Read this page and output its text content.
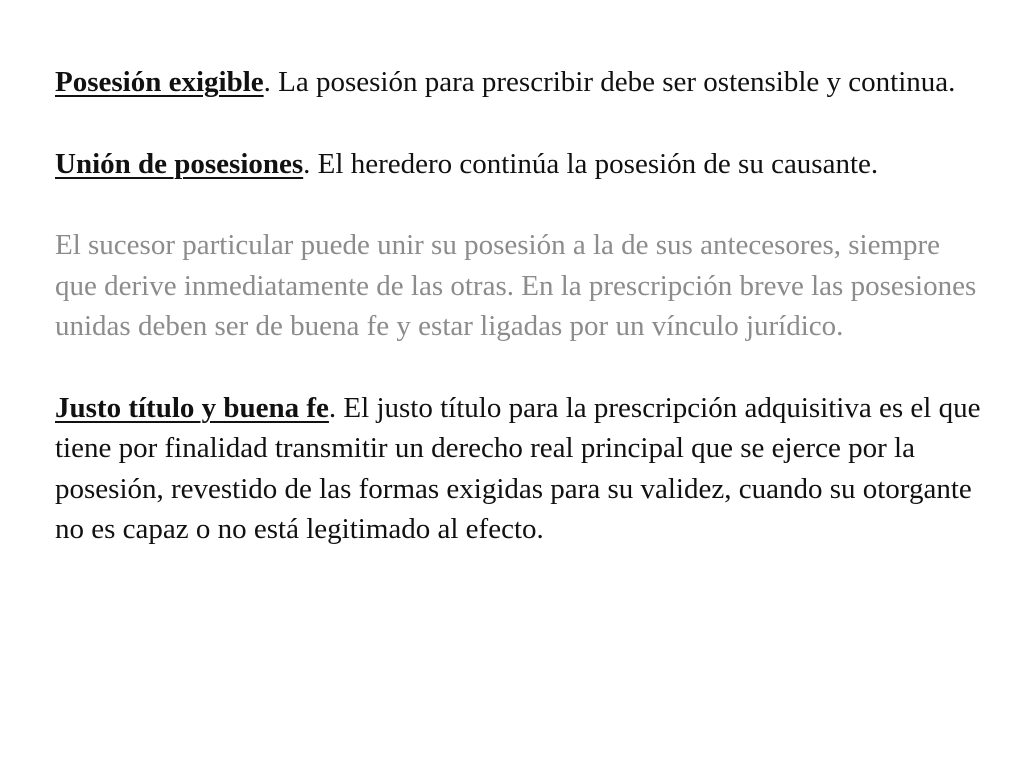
Posesión exigible. La posesión para prescribir debe ser ostensible y continua.

Unión de posesiones. El heredero continúa la posesión de su causante.

El sucesor particular puede unir su posesión a la de sus antecesores, siempre que derive inmediatamente de las otras. En la prescripción breve las posesiones unidas deben ser de buena fe y estar ligadas por un vínculo jurídico.

Justo título y buena fe. El justo título para la prescripción adquisitiva es el que tiene por finalidad transmitir un derecho real principal que se ejerce por la posesión, revestido de las formas exigidas para su validez, cuando su otorgante no es capaz o no está legitimado al efecto.
